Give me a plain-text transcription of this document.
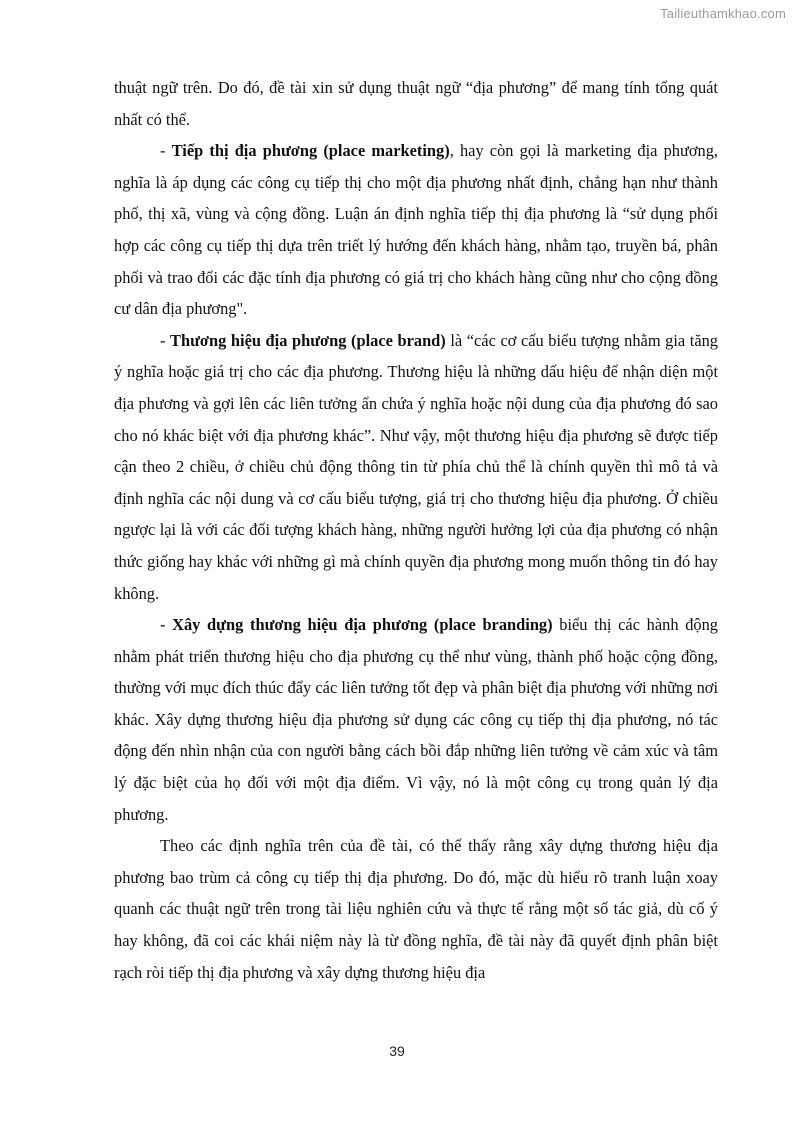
Tailieuthamkhao.com

thuật ngữ trên. Do đó, đề tài xin sử dụng thuật ngữ “địa phương” để mang tính tổng quát nhất có thể.

- Tiếp thị địa phương (place marketing), hay còn gọi là marketing địa phương, nghĩa là áp dụng các công cụ tiếp thị cho một địa phương nhất định, chẳng hạn như thành phố, thị xã, vùng và cộng đồng. Luận án định nghĩa tiếp thị địa phương là “sử dụng phối hợp các công cụ tiếp thị dựa trên triết lý hướng đến khách hàng, nhằm tạo, truyền bá, phân phối và trao đổi các đặc tính địa phương có giá trị cho khách hàng cũng như cho cộng đồng cư dân địa phương".

- Thương hiệu địa phương (place brand) là “các cơ cấu biểu tượng nhằm gia tăng ý nghĩa hoặc giá trị cho các địa phương. Thương hiệu là những dấu hiệu để nhận diện một địa phương và gợi lên các liên tưởng ẩn chứa ý nghĩa hoặc nội dung của địa phương đó sao cho nó khác biệt với địa phương khác”. Như vậy, một thương hiệu địa phương sẽ được tiếp cận theo 2 chiều, ở chiều chủ động thông tin từ phía chủ thể là chính quyền thì mô tả và định nghĩa các nội dung và cơ cấu biểu tượng, giá trị cho thương hiệu địa phương. Ở chiều ngược lại là với các đối tượng khách hàng, những người hưởng lợi của địa phương có nhận thức giống hay khác với những gì mà chính quyền địa phương mong muốn thông tin đó hay không.

- Xây dựng thương hiệu địa phương (place branding) biểu thị các hành động nhằm phát triển thương hiệu cho địa phương cụ thể như vùng, thành phố hoặc cộng đồng, thường với mục đích thúc đẩy các liên tưởng tốt đẹp và phân biệt địa phương với những nơi khác. Xây dựng thương hiệu địa phương sử dụng các công cụ tiếp thị địa phương, nó tác động đến nhìn nhận của con người bằng cách bồi đắp những liên tưởng về cảm xúc và tâm lý đặc biệt của họ đối với một địa điểm. Vì vậy, nó là một công cụ trong quản lý địa phương.

Theo các định nghĩa trên của đề tài, có thể thấy rằng xây dựng thương hiệu địa phương bao trùm cả công cụ tiếp thị địa phương. Do đó, mặc dù hiểu rõ tranh luận xoay quanh các thuật ngữ trên trong tài liệu nghiên cứu và thực tế rằng một số tác giả, dù cố ý hay không, đã coi các khái niệm này là từ đồng nghĩa, đề tài này đã quyết định phân biệt rạch ròi tiếp thị địa phương và xây dựng thương hiệu địa

39
